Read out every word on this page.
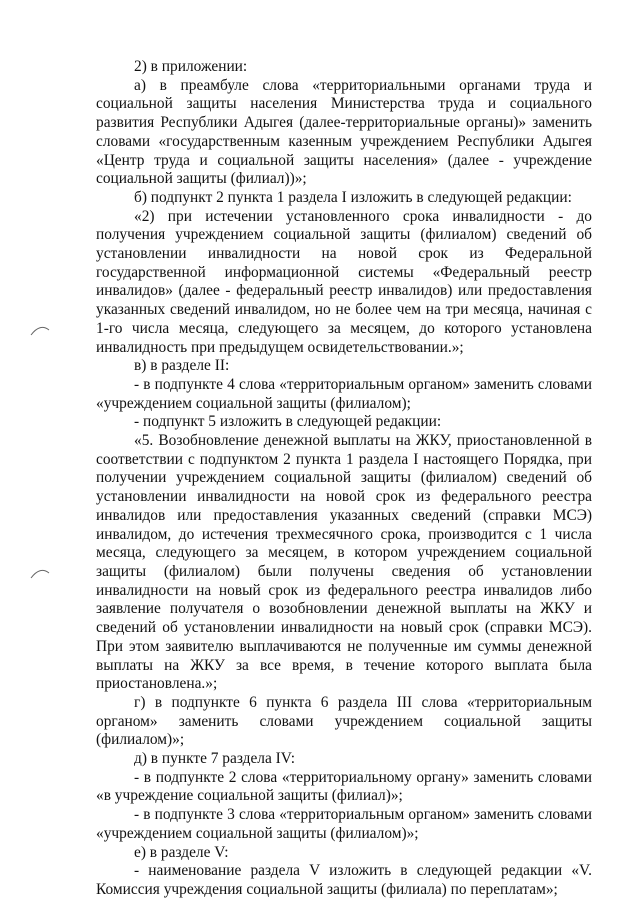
2) в приложении:

а) в преамбуле слова «территориальными органами труда и социальной защиты населения Министерства труда и социального развития Республики Адыгея (далее-территориальные органы)» заменить словами «государственным казенным учреждением Республики Адыгея «Центр труда и социальной защиты населения» (далее - учреждение социальной защиты (филиал))»;

б) подпункт 2 пункта 1 раздела I изложить в следующей редакции:

«2) при истечении установленного срока инвалидности - до получения учреждением социальной защиты (филиалом) сведений об установлении инвалидности на новой срок из Федеральной государственной информационной системы «Федеральный реестр инвалидов» (далее - федеральный реестр инвалидов) или предоставления указанных сведений инвалидом, но не более чем на три месяца, начиная с 1-го числа месяца, следующего за месяцем, до которого установлена инвалидность при предыдущем освидетельствовании.»;

в) в разделе II:

- в подпункте 4 слова «территориальным органом» заменить словами «учреждением социальной защиты (филиалом);

- подпункт 5 изложить в следующей редакции:

«5. Возобновление денежной выплаты на ЖКУ, приостановленной в соответствии с подпунктом 2 пункта 1 раздела I настоящего Порядка, при получении учреждением социальной защиты (филиалом) сведений об установлении инвалидности на новой срок из федерального реестра инвалидов или предоставления указанных сведений (справки МСЭ) инвалидом, до истечения трехмесячного срока, производится с 1 числа месяца, следующего за месяцем, в котором учреждением социальной защиты (филиалом) были получены сведения об установлении инвалидности на новый срок из федерального реестра инвалидов либо заявление получателя о возобновлении денежной выплаты на ЖКУ и сведений об установлении инвалидности на новый срок (справки МСЭ). При этом заявителю выплачиваются не полученные им суммы денежной выплаты на ЖКУ за все время, в течение которого выплата была приостановлена.»;

г) в подпункте 6 пункта 6 раздела III слова «территориальным органом» заменить словами учреждением социальной защиты (филиалом)»;

д) в пункте 7 раздела IV:

- в подпункте 2 слова «территориальному органу» заменить словами «в учреждение социальной защиты (филиал)»;

- в подпункте 3 слова «территориальным органом» заменить словами «учреждением социальной защиты (филиалом)»;

е) в разделе V:

- наименование раздела V изложить в следующей редакции «V. Комиссия учреждения социальной защиты (филиала) по переплатам»;
